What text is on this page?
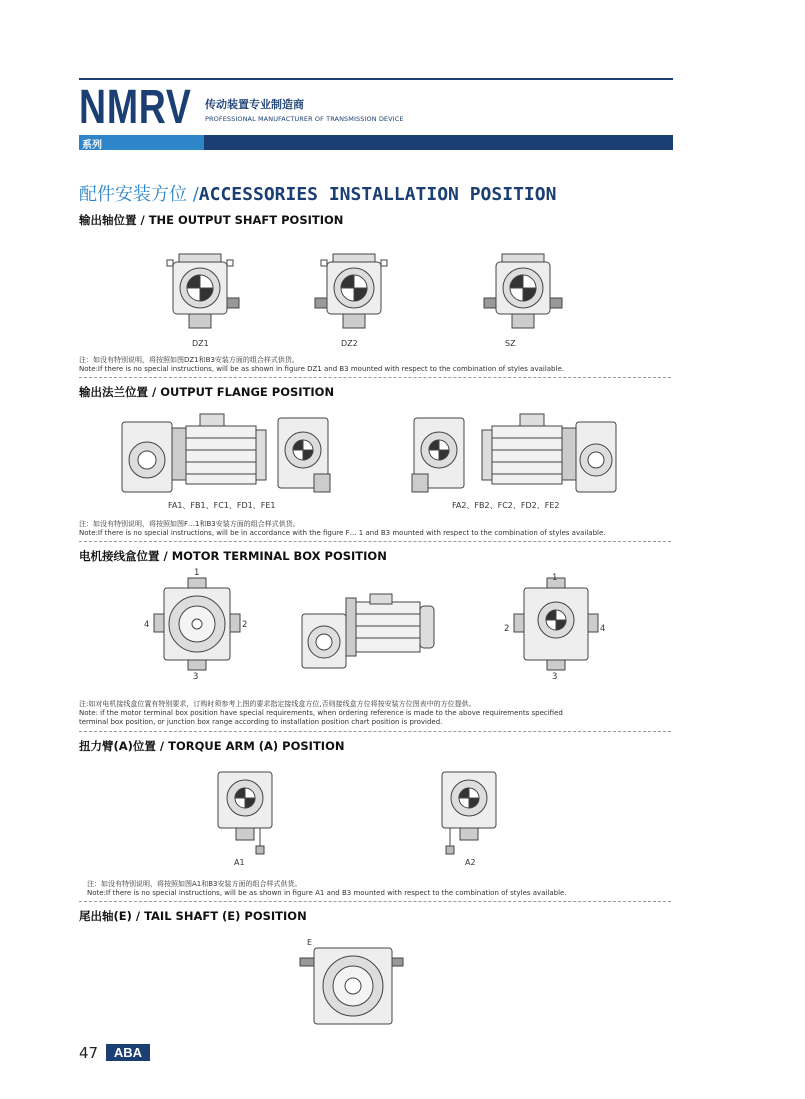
NMRV 传动装置专业制造商
PROFESSIONAL MANUFACTURER OF TRANSMISSION DEVICE
系列
配件安装方位 /ACCESSORIES INSTALLATION POSITION
输出轴位置 / THE OUTPUT SHAFT POSITION
DZ1	DZ2	SZ
注：如没有特别说明，将按照如图DZ1和B3安装方面的组合样式供货。
Note:If there is no special instructions, will be as shown in figure DZ1 and B3 mounted with respect to the combination of styles available.
输出法兰位置 / OUTPUT FLANGE POSITION
FA1、FB1、FC1、FD1、FE1	FA2、FB2、FC2、FD2、FE2
注：如没有特别说明，将按照如图F…1和B3安装方面的组合样式供货。
Note:If there is no special instructions, will be in accordance with the figure F… 1 and B3 mounted with respect to the combination of styles available.
电机接线盒位置 / MOTOR TERMINAL BOX POSITION
1
2
3
4
1
2
3
4
注:如对电机接线盒位置有特别要求，订购时须参考上图的要求指定接线盒方位,否则接线盒方位将按安装方位图表中的方位提供。
Note: if the motor terminal box position have special requirements, when ordering reference is made to the above requirements specified
terminal box position, or junction box range according to installation position chart position is provided.
扭力臂(A)位置 / TORQUE ARM (A) POSITION
A1	A2
注：如没有特别说明，将按照如图A1和B3安装方面的组合样式供货。
Note:If there is no special instructions, will be as shown in figure A1 and B3 mounted with respect to the combination of styles available.
尾出轴(E) / TAIL SHAFT (E) POSITION
E
47	ABA
